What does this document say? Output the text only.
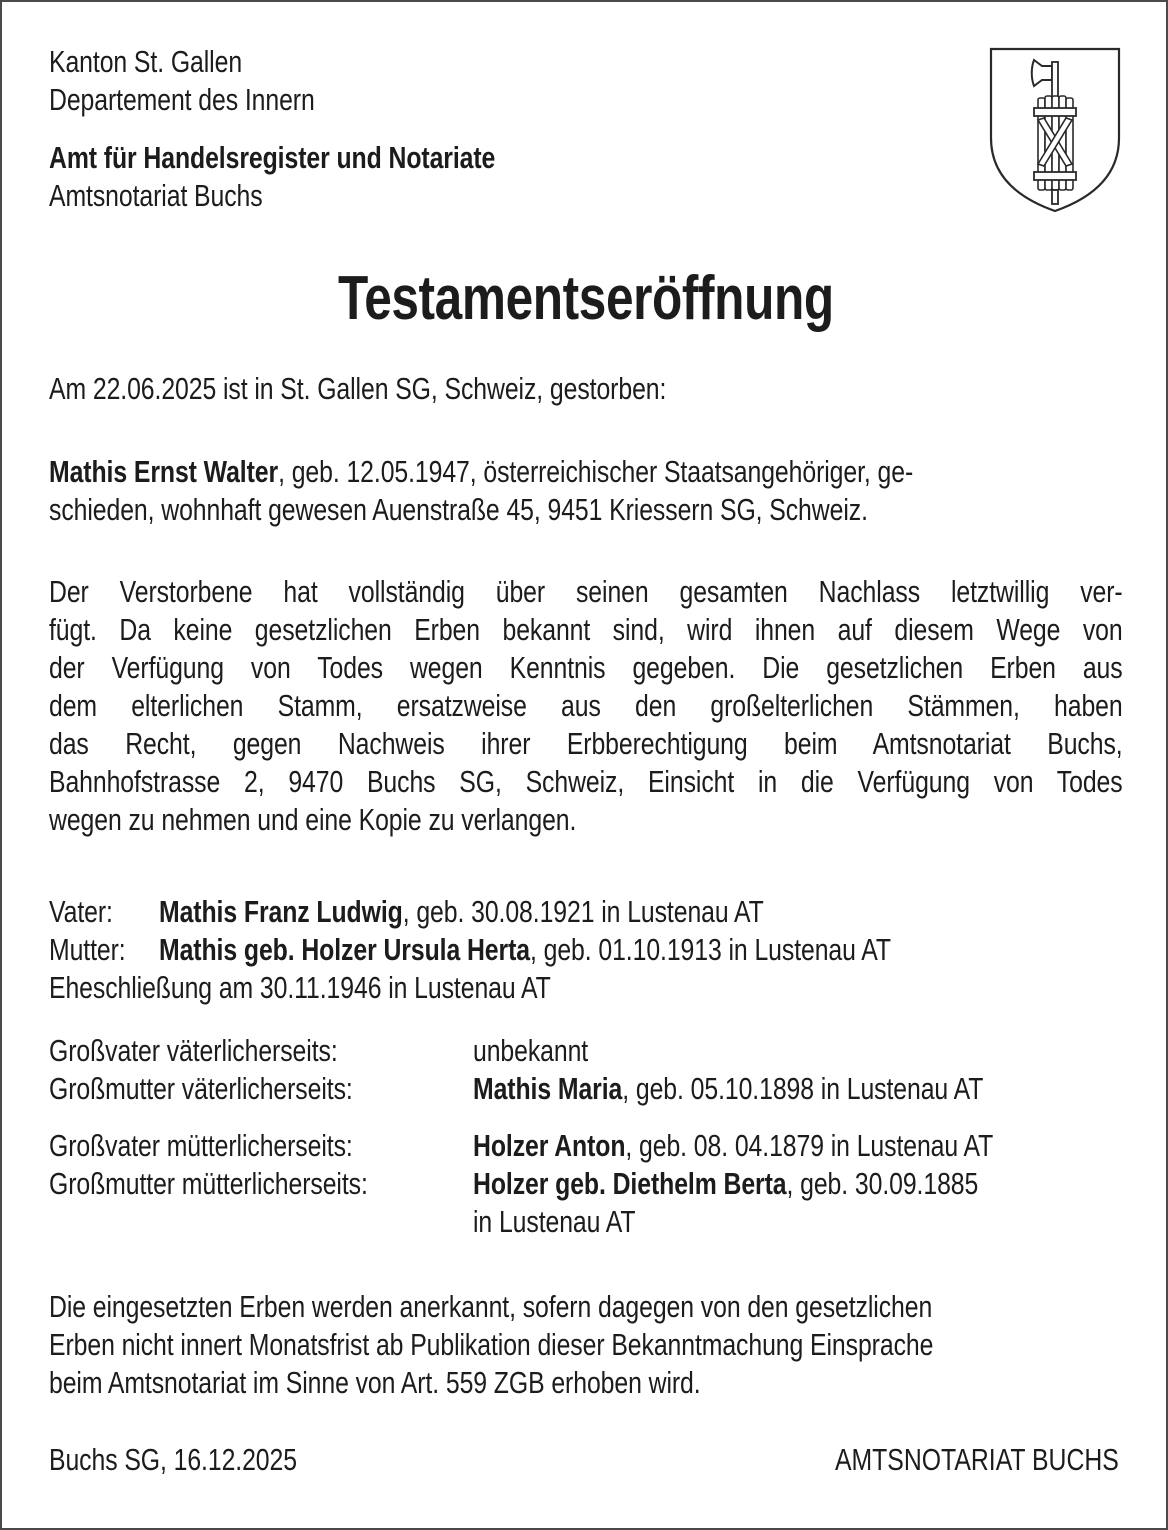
Kanton St. Gallen
Departement des Innern
Amt für Handelsregister und Notariate
Amtsnotariat Buchs
Testamentseröffnung
Am 22.06.2025 ist in St. Gallen SG, Schweiz, gestorben:
Mathis Ernst Walter, geb. 12.05.1947, österreichischer Staatsangehöriger, ge-
schieden, wohnhaft gewesen Auenstraße 45, 9451 Kriessern SG, Schweiz.
Der Verstorbene hat vollständig über seinen gesamten Nachlass letztwillig ver-
fügt. Da keine gesetzlichen Erben bekannt sind, wird ihnen auf diesem Wege von
der Verfügung von Todes wegen Kenntnis gegeben. Die gesetzlichen Erben aus
dem elterlichen Stamm, ersatzweise aus den großelterlichen Stämmen, haben
das Recht, gegen Nachweis ihrer Erbberechtigung beim Amtsnotariat Buchs,
Bahnhofstrasse 2, 9470 Buchs SG, Schweiz, Einsicht in die Verfügung von Todes
wegen zu nehmen und eine Kopie zu verlangen.
Vater: Mathis Franz Ludwig, geb. 30.08.1921 in Lustenau AT
Mutter: Mathis geb. Holzer Ursula Herta, geb. 01.10.1913 in Lustenau AT
Eheschließung am 30.11.1946 in Lustenau AT
Großvater väterlicherseits:	unbekannt
Großmutter väterlicherseits:	Mathis Maria, geb. 05.10.1898 in Lustenau AT
Großvater mütterlicherseits:	Holzer Anton, geb. 08. 04.1879 in Lustenau AT
Großmutter mütterlicherseits:	Holzer geb. Diethelm Berta, geb. 30.09.1885
in Lustenau AT
Die eingesetzten Erben werden anerkannt, sofern dagegen von den gesetzlichen
Erben nicht innert Monatsfrist ab Publikation dieser Bekanntmachung Einsprache
beim Amtsnotariat im Sinne von Art. 559 ZGB erhoben wird.
Buchs SG, 16.12.2025	AMTSNOTARIAT BUCHS
